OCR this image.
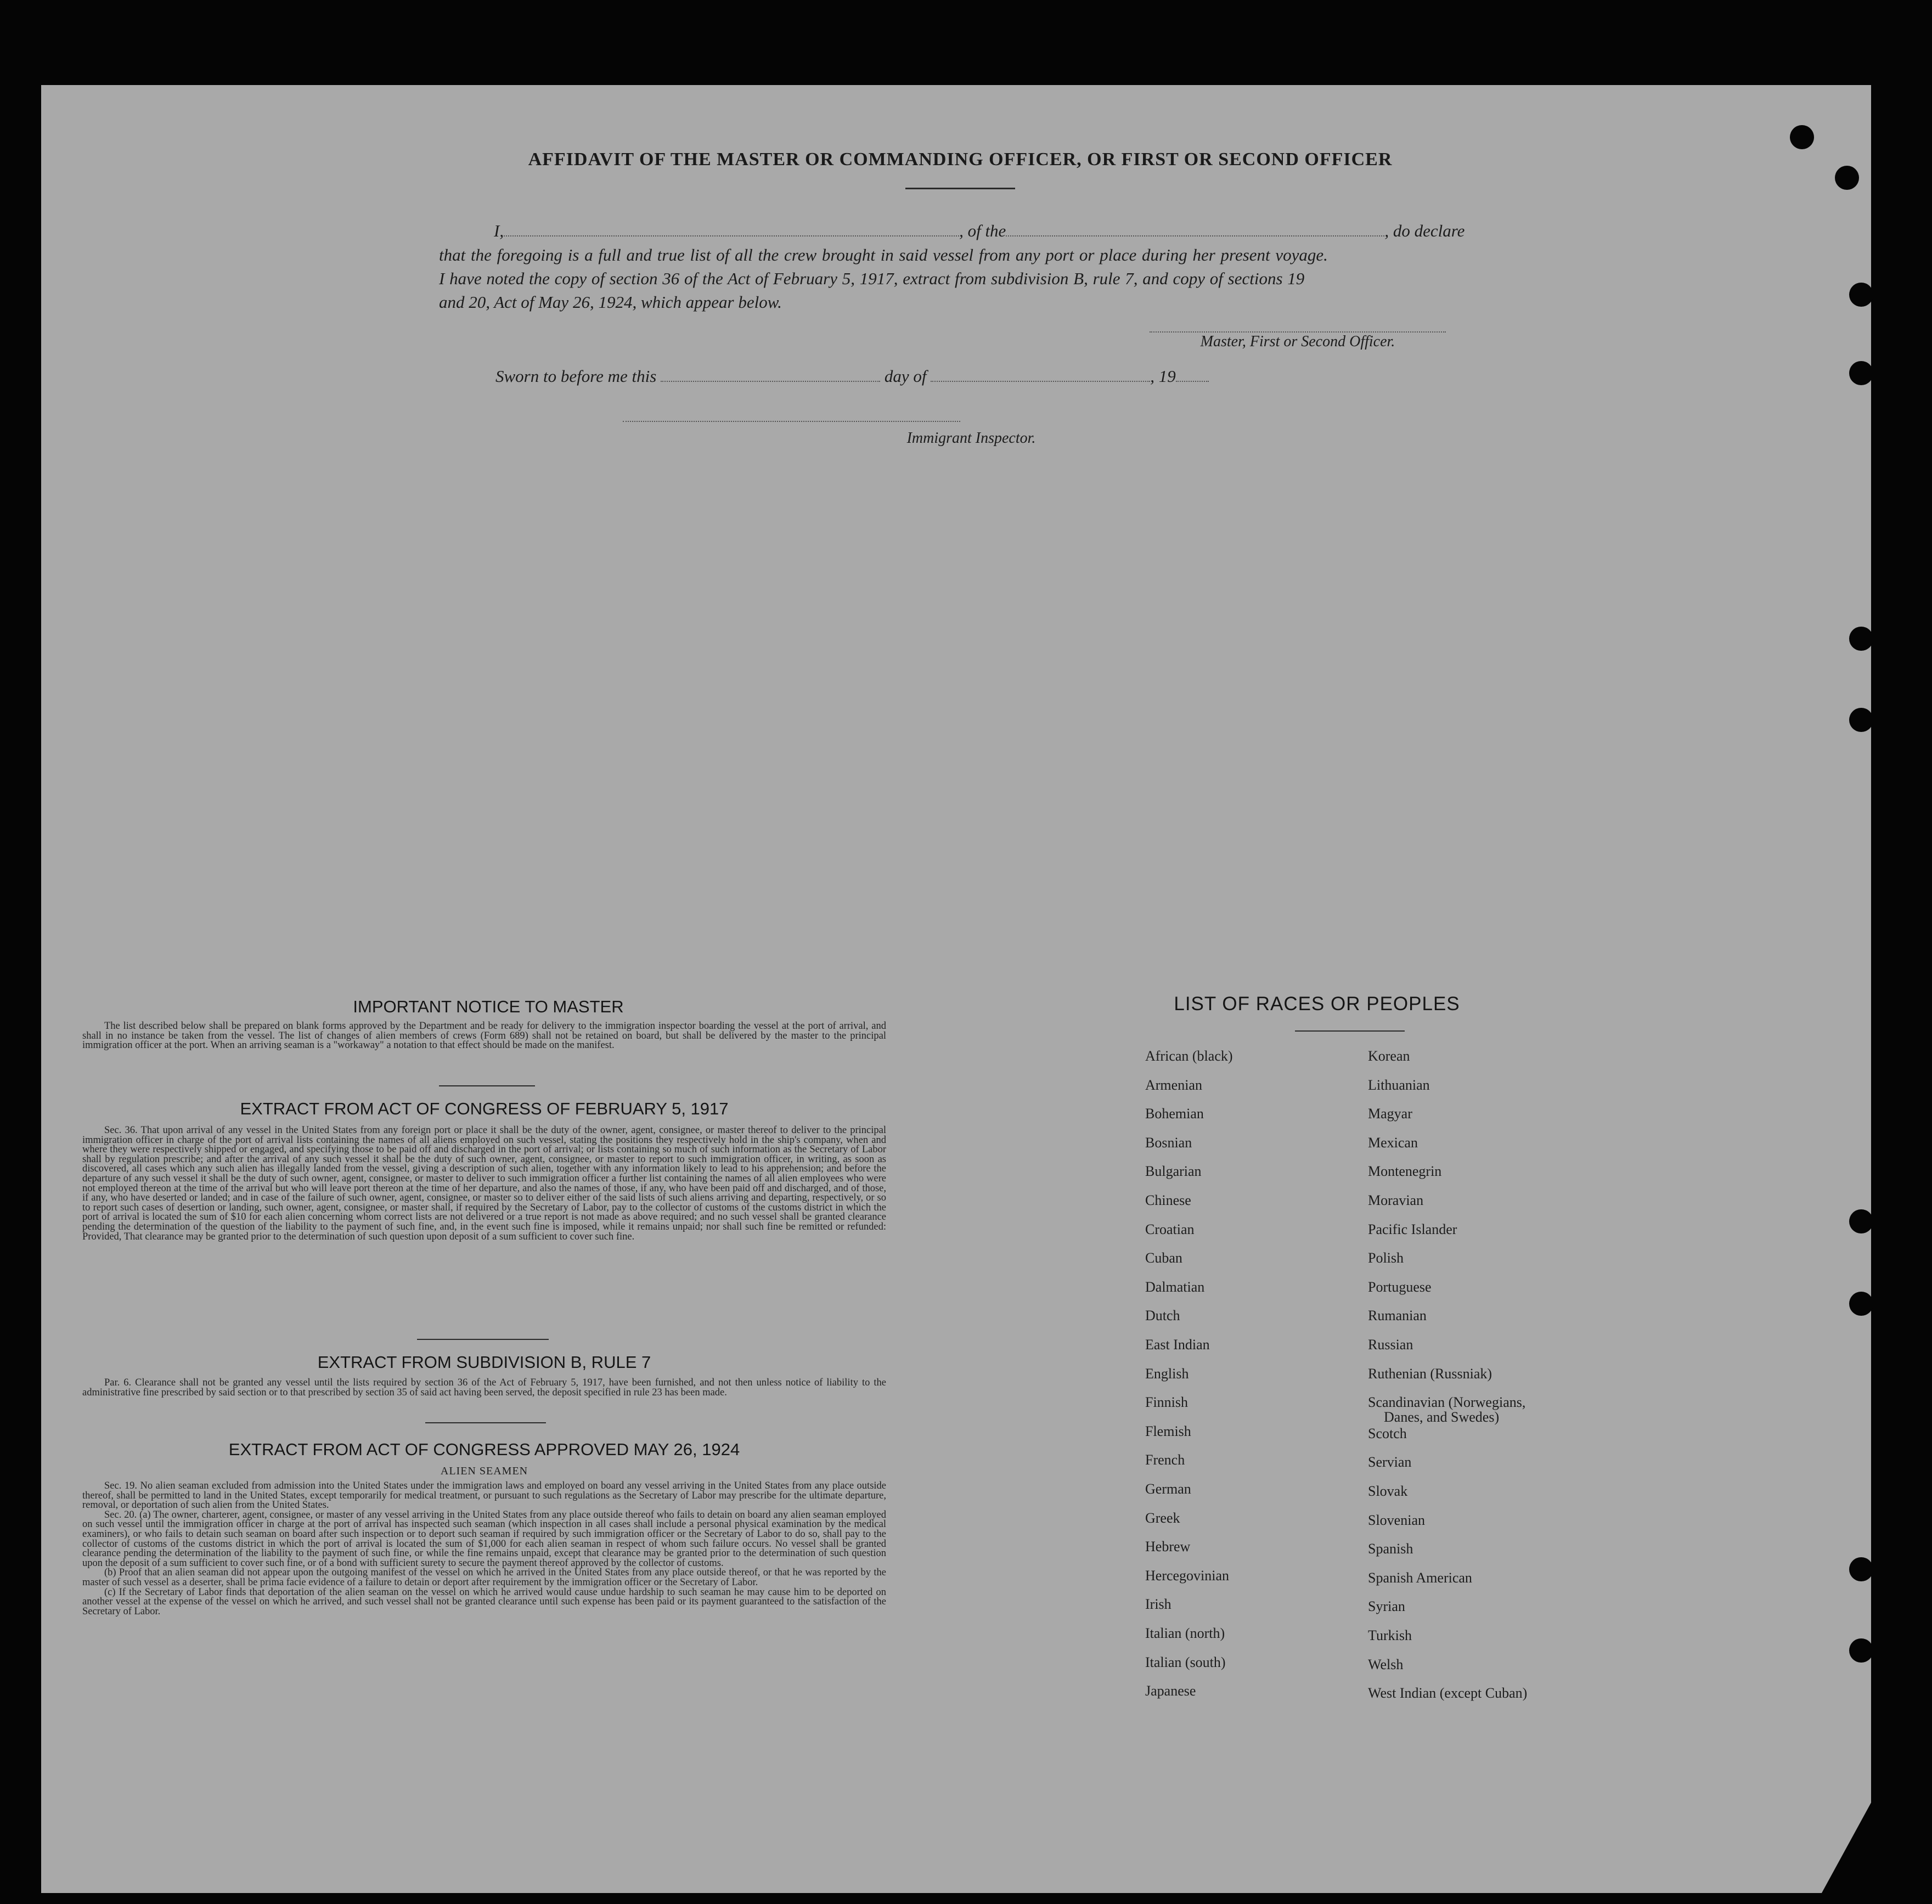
AFFIDAVIT OF THE MASTER OR COMMANDING OFFICER, OR FIRST OR SECOND OFFICER
I,	, of the	, do declare
that the foregoing is a full and true list of all the crew brought in said vessel from any port or place during her present voyage.
I have noted the copy of section 36 of the Act of February 5, 1917, extract from subdivision B, rule 7, and copy of sections 19
and 20, Act of May 26, 1924, which appear below.
Master, First or Second Officer.
Sworn to before me this	day of	, 19
Immigrant Inspector.
IMPORTANT NOTICE TO MASTER

The list described below shall be prepared on blank forms approved by the Department and be ready for delivery to the immigration inspector boarding the vessel at the port of arrival, and shall in no instance be taken from the vessel. The list of changes of alien members of crews (Form 689) shall not be retained on board, but shall be delivered by the master to the principal immigration officer at the port. When an arriving seaman is a "workaway" a notation to that effect should be made on the manifest.

EXTRACT FROM ACT OF CONGRESS OF FEBRUARY 5, 1917

Sec. 36. That upon arrival of any vessel in the United States from any foreign port or place it shall be the duty of the owner, agent, consignee, or master thereof to deliver to the principal immigration officer in charge of the port of arrival lists containing the names of all aliens employed on such vessel, stating the positions they respectively hold in the ship's company, when and where they were respectively shipped or engaged, and specifying those to be paid off and discharged in the port of arrival; or lists containing so much of such information as the Secretary of Labor shall by regulation prescribe; and after the arrival of any such vessel it shall be the duty of such owner, agent, consignee, or master to report to such immigration officer, in writing, as soon as discovered, all cases which any such alien has illegally landed from the vessel, giving a description of such alien, together with any information likely to lead to his apprehension; and before the departure of any such vessel it shall be the duty of such owner, agent, consignee, or master to deliver to such immigration officer a further list containing the names of all alien employees who were not employed thereon at the time of the arrival but who will leave port thereon at the time of her departure, and also the names of those, if any, who have been paid off and discharged, and of those, if any, who have deserted or landed; and in case of the failure of such owner, agent, consignee, or master so to deliver either of the said lists of such aliens arriving and departing, respectively, or so to report such cases of desertion or landing, such owner, agent, consignee, or master shall, if required by the Secretary of Labor, pay to the collector of customs of the customs district in which the port of arrival is located the sum of $10 for each alien concerning whom correct lists are not delivered or a true report is not made as above required; and no such vessel shall be granted clearance pending the determination of the question of the liability to the payment of such fine, and, in the event such fine is imposed, while it remains unpaid; nor shall such fine be remitted or refunded: Provided, That clearance may be granted prior to the determination of such question upon deposit of a sum sufficient to cover such fine.

EXTRACT FROM SUBDIVISION B, RULE 7

Par. 6. Clearance shall not be granted any vessel until the lists required by section 36 of the Act of February 5, 1917, have been furnished, and not then unless notice of liability to the administrative fine prescribed by said section or to that prescribed by section 35 of said act having been served, the deposit specified in rule 23 has been made.

EXTRACT FROM ACT OF CONGRESS APPROVED MAY 26, 1924
ALIEN SEAMEN

Sec. 19. No alien seaman excluded from admission into the United States under the immigration laws and employed on board any vessel arriving in the United States from any place outside thereof, shall be permitted to land in the United States, except temporarily for medical treatment, or pursuant to such regulations as the Secretary of Labor may prescribe for the ultimate departure, removal, or deportation of such alien from the United States.

Sec. 20. (a) The owner, charterer, agent, consignee, or master of any vessel arriving in the United States from any place outside thereof who fails to detain on board any alien seaman employed on such vessel until the immigration officer in charge at the port of arrival has inspected such seaman (which inspection in all cases shall include a personal physical examination by the medical examiners), or who fails to detain such seaman on board after such inspection or to deport such seaman if required by such immigration officer or the Secretary of Labor to do so, shall pay to the collector of customs of the customs district in which the port of arrival is located the sum of $1,000 for each alien seaman in respect of whom such failure occurs. No vessel shall be granted clearance pending the determination of the liability to the payment of such fine, or while the fine remains unpaid, except that clearance may be granted prior to the determination of such question upon the deposit of a sum sufficient to cover such fine, or of a bond with sufficient surety to secure the payment thereof approved by the collector of customs.

(b) Proof that an alien seaman did not appear upon the outgoing manifest of the vessel on which he arrived in the United States from any place outside thereof, or that he was reported by the master of such vessel as a deserter, shall be prima facie evidence of a failure to detain or deport after requirement by the immigration officer or the Secretary of Labor.

(c) If the Secretary of Labor finds that deportation of the alien seaman on the vessel on which he arrived would cause undue hardship to such seaman he may cause him to be deported on another vessel at the expense of the vessel on which he arrived, and such vessel shall not be granted clearance until such expense has been paid or its payment guaranteed to the satisfaction of the Secretary of Labor.

LIST OF RACES OR PEOPLES
African (black)
Armenian
Bohemian
Bosnian
Bulgarian
Chinese
Croatian
Cuban
Dalmatian
Dutch
East Indian
English
Finnish
Flemish
French
German
Greek
Hebrew
Hercegovinian
Irish
Italian (north)
Italian (south)
Japanese
Korean
Lithuanian
Magyar
Mexican
Montenegrin
Moravian
Pacific Islander
Polish
Portuguese
Rumanian
Russian
Ruthenian (Russniak)
Scandinavian (Norwegians,
Scotch
Servian
Slovak
Slovenian
Spanish
Spanish American
Syrian
Turkish
Welsh
West Indian (except Cuban)
Danes, and Swedes)
